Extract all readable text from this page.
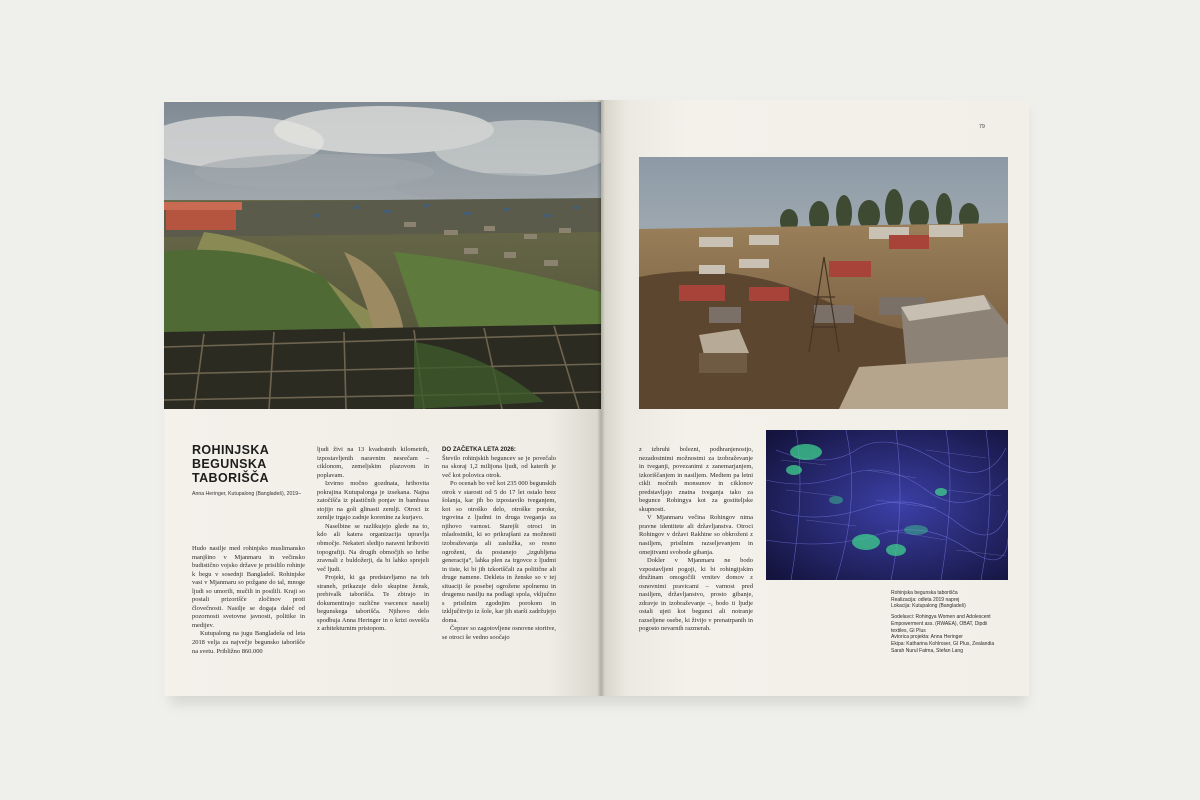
ROHINJSKA
BEGUNSKA
TABORIŠČA
Anna Heringer, Kutupalong (Bangladeš), 2019–

Hudo nasilje med rohinjsko muslimansko manjšino v Mjanmaru in večinsko budistično vojsko države je prisililo rohinje k begu v sosednji Bangladeš. Rohinjske vasi v Mjanmaru so požgane do tal, mnoge ljudi so umorili, mučili in posilili. Kraji so postali prizorišče zločinov proti človečnosti. Nasilje se dogaja daleč od pozornosti svetovne javnosti, politike in medijev.

Kutupalong na jugu Bangladeša od leta 2018 velja za največje begunsko taborišče na svetu. Približno 860.000

ljudi živi na 13 kvadratnih kilometrih, izpostavljenih naravnim nesrečam – ciklonom, zemeljskim plazovom in poplavam.

Izvirno močno gozdnata, hribovita pokrajina Kutupalonga je izsekana. Najna zatočišča iz plastičnih ponjav in bambusa stojijo na goli glinasti zemlji. Otroci iz zemlje trgajo zadnje korenine za kurjavo.

Naselbine se razlikujejo glede na to, kdo ali katera organizacija upravlja območje. Nekateri sledijo naravni hriboviti topografiji. Na drugih območjih so hribe zravnali z buldožerji, da bi lahko sprejeli več ljudi.

Projekt, ki ga predstavljamo na teh straneh, prikazuje delo skupine žensk, prebivalk taborišča. Te zbirajo in dokumentirajo različne vsecence naselij begunskega taborišča. Njihovo delo spodbuja Anna Heringer in o krizi osvešča z arhitekturnim pristopom.

DO ZAČETKA LETA 2026:

Število rohinjskih beguncev se je povečalo na skoraj 1,2 milijona ljudi, od katerih je več kot polovica otrok.

Po ocenah bo več kot 235 000 begunskih otrok v starosti od 5 do 17 let ostalo brez šolanja, kar jih bo izpostavilo tveganjem, kot so otroško delo, otroške poroke, trgovina z ljudmi in druga tveganja za njihovo varnost. Starejši otroci in mladostniki, ki so prikrajšani za možnosti izobraževanja ali zaslužka, so resno ogroženi, da postanejo „izgubljena generacija“, lahka plen za trgovce z ljudmi in tiste, ki bi jih izkoriščali za politične ali druge namene. Dekleta in ženske so v tej situaciji še posebej ogrožene spolnemu in drugemu nasilju na podlagi spola, vključno s prisilnim zgodnjim porokom in izključitvijo iz šole, kar jih starši zadržujejo doma.

Čeprav so zagotovljene osnovne storitve, se otroci še vedno soočajo

79

z izbruhi bolezni, podhranjenostjo, nezadostnimi možnostmi za izobraževanje in tveganji, povezanimi z zanemarjanjem, izkoriščanjem in nasiljem. Medtem pa letni cikli močnih monsunov in ciklonov predstavljajo znatna tveganja tako za begunce Rohingya kot za gostiteljske skupnosti.

V Mjanmaru večina Rohingov nima pravne identitete ali državljanstva. Otroci Rohingov v državi Rakhine so obkroženi z nasiljem, prisilnim razseljevanjem in omejitvami svobode gibanja.

Dokler v Mjanmaru ne bodo vzpostavljeni pogoji, ki bi rohingijskim družinam omogočili vrnitev domov z osnovnimi pravicami – varnost pred nasiljem, državljanstvo, prosto gibanje, zdravje in izobraževanje –, bodo ti ljudje ostali ujeti kot begunci ali notranje razseljene osebe, ki živijo v prenatrpanih in pogosto nevarnih razmerah.

Rohinjska begunska taborišča
Realizacija: odleta 2019 naprej
Lokacija: Kutupalong (Bangladeš)
Sodelavci: Rohingya Women and Adolescent
Empowerment ass. (RWAEA), OBAT, Dipdii
textiles, GI Plus
Avtorica projekta: Anna Heringer
Ekipa: Katharina Kohlroser, GI Plus, Zealandia
Sarah Nurul Fatma, Stefan Lang
